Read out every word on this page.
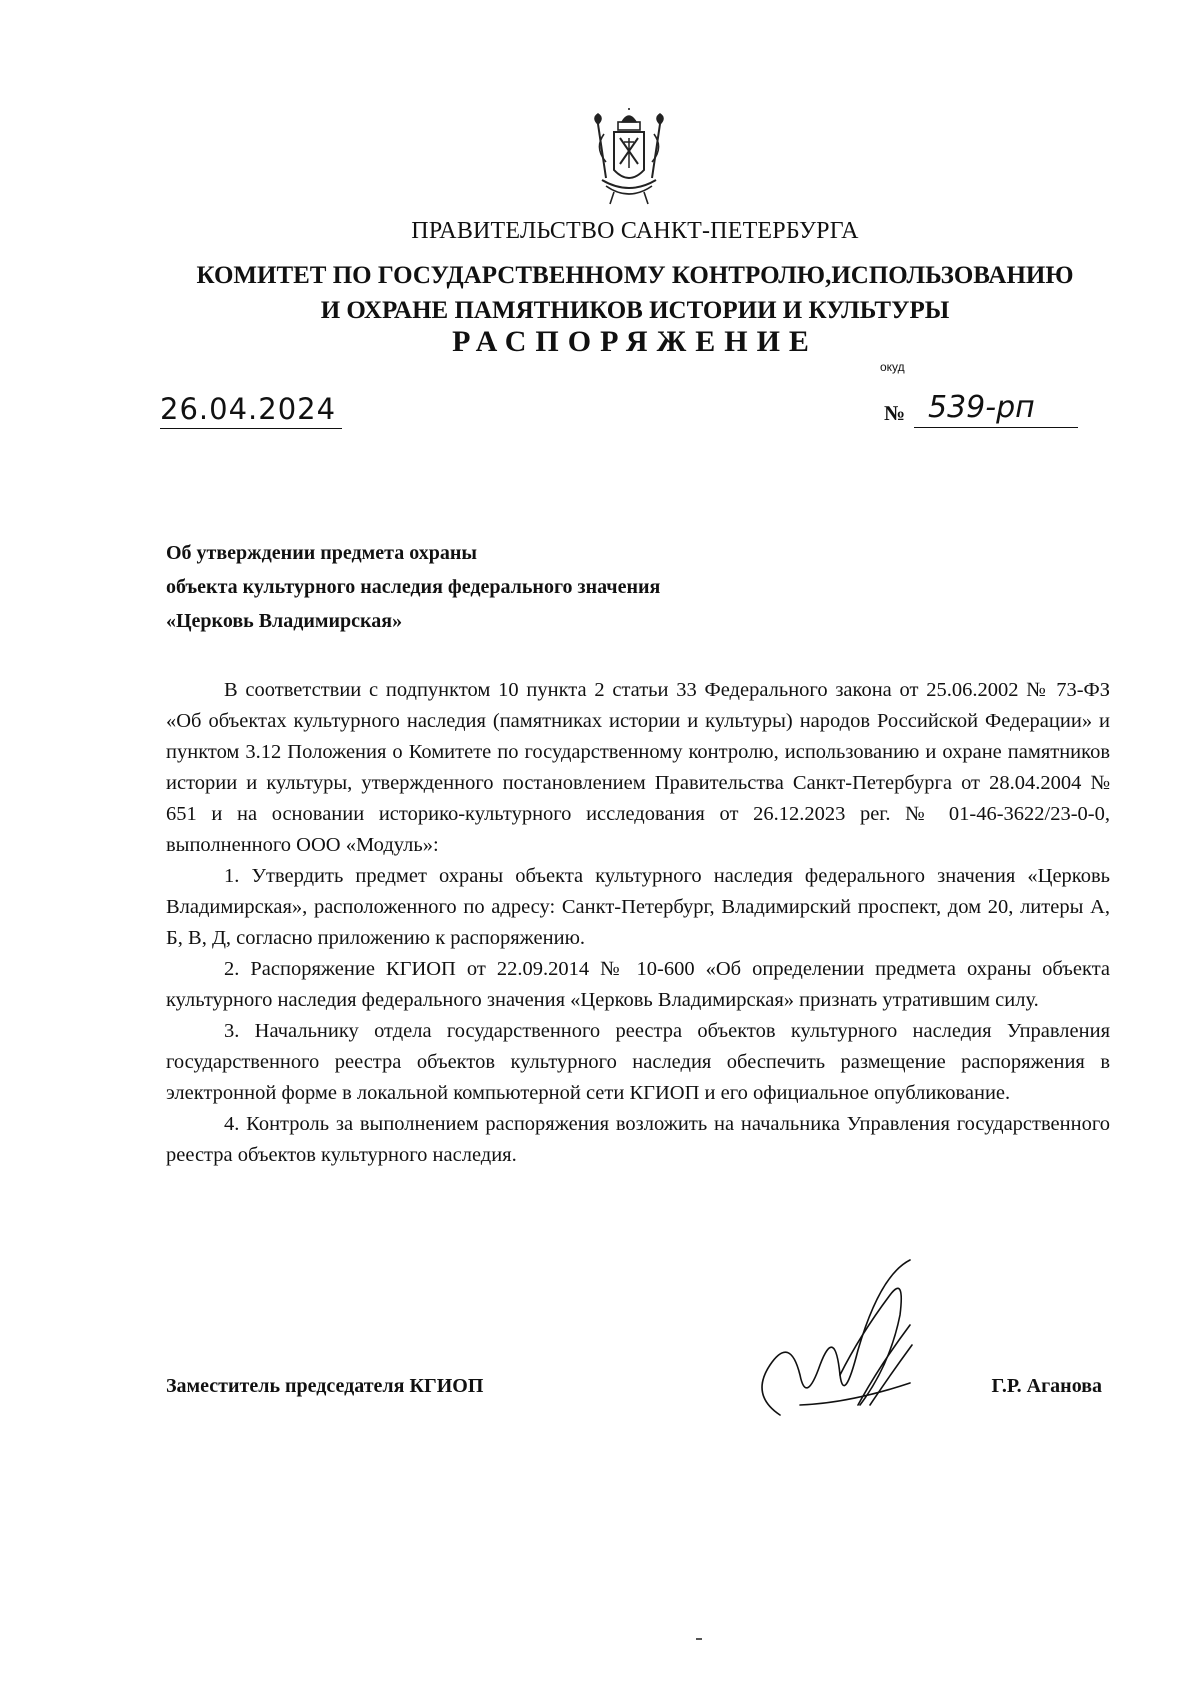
ПРАВИТЕЛЬСТВО САНКТ-ПЕТЕРБУРГА
КОМИТЕТ ПО ГОСУДАРСТВЕННОМУ КОНТРОЛЮ,ИСПОЛЬЗОВАНИЮ
И ОХРАНЕ ПАМЯТНИКОВ ИСТОРИИ И КУЛЬТУРЫ
РАСПОРЯЖЕНИЕ
окуд
26.04.2024	№ 539-рп
Об утверждении предмета охраны
объекта культурного наследия федерального значения
«Церковь Владимирская»

В соответствии с подпунктом 10 пункта 2 статьи 33 Федерального закона от 25.06.2002 № 73-ФЗ «Об объектах культурного наследия (памятниках истории и культуры) народов Российской Федерации» и пунктом 3.12 Положения о Комитете по государственному контролю, использованию и охране памятников истории и культуры, утвержденного постановлением Правительства Санкт-Петербурга от 28.04.2004 № 651 и на основании историко-культурного исследования от 26.12.2023 рег. № 01-46-3622/23-0-0, выполненного ООО «Модуль»:

1. Утвердить предмет охраны объекта культурного наследия федерального значения «Церковь Владимирская», расположенного по адресу: Санкт-Петербург, Владимирский проспект, дом 20, литеры А, Б, В, Д, согласно приложению к распоряжению.

2. Распоряжение КГИОП от 22.09.2014 № 10-600 «Об определении предмета охраны объекта культурного наследия федерального значения «Церковь Владимирская» признать утратившим силу.

3. Начальнику отдела государственного реестра объектов культурного наследия Управления государственного реестра объектов культурного наследия обеспечить размещение распоряжения в электронной форме в локальной компьютерной сети КГИОП и его официальное опубликование.

4. Контроль за выполнением распоряжения возложить на начальника Управления государственного реестра объектов культурного наследия.

Заместитель председателя КГИОП	Г.Р. Аганова
